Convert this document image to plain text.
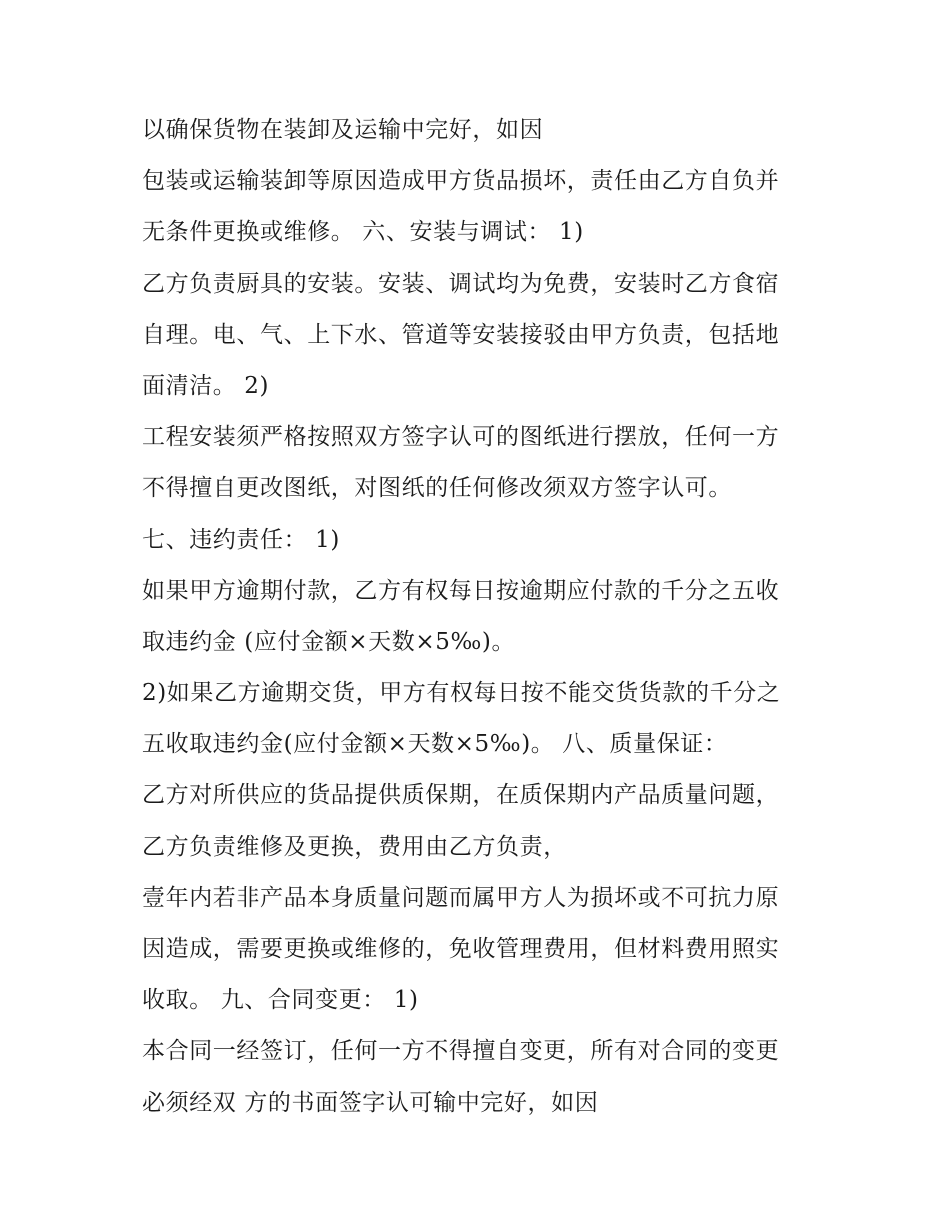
以确保货物在装卸及运输中完好，如因
包装或运输装卸等原因造成甲方货品损坏，责任由乙方自负并
无条件更换或维修。 六、安装与调试： 1)
乙方负责厨具的安装。安装、调试均为免费，安装时乙方食宿
自理。电、气、上下水、管道等安装接驳由甲方负责，包括地
面清洁。 2)
工程安装须严格按照双方签字认可的图纸进行摆放，任何一方
不得擅自更改图纸，对图纸的任何修改须双方签字认可。
七、违约责任： 1)
如果甲方逾期付款，乙方有权每日按逾期应付款的千分之五收
取违约金 (应付金额×天数×5‰)。
2)如果乙方逾期交货，甲方有权每日按不能交货货款的千分之
五收取违约金(应付金额×天数×5‰)。 八、质量保证：
乙方对所供应的货品提供质保期，在质保期内产品质量问题，
乙方负责维修及更换，费用由乙方负责，
壹年内若非产品本身质量问题而属甲方人为损坏或不可抗力原
因造成，需要更换或维修的，免收管理费用，但材料费用照实
收取。 九、合同变更： 1)
本合同一经签订，任何一方不得擅自变更，所有对合同的变更
必须经双 方的书面签字认可输中完好，如因
